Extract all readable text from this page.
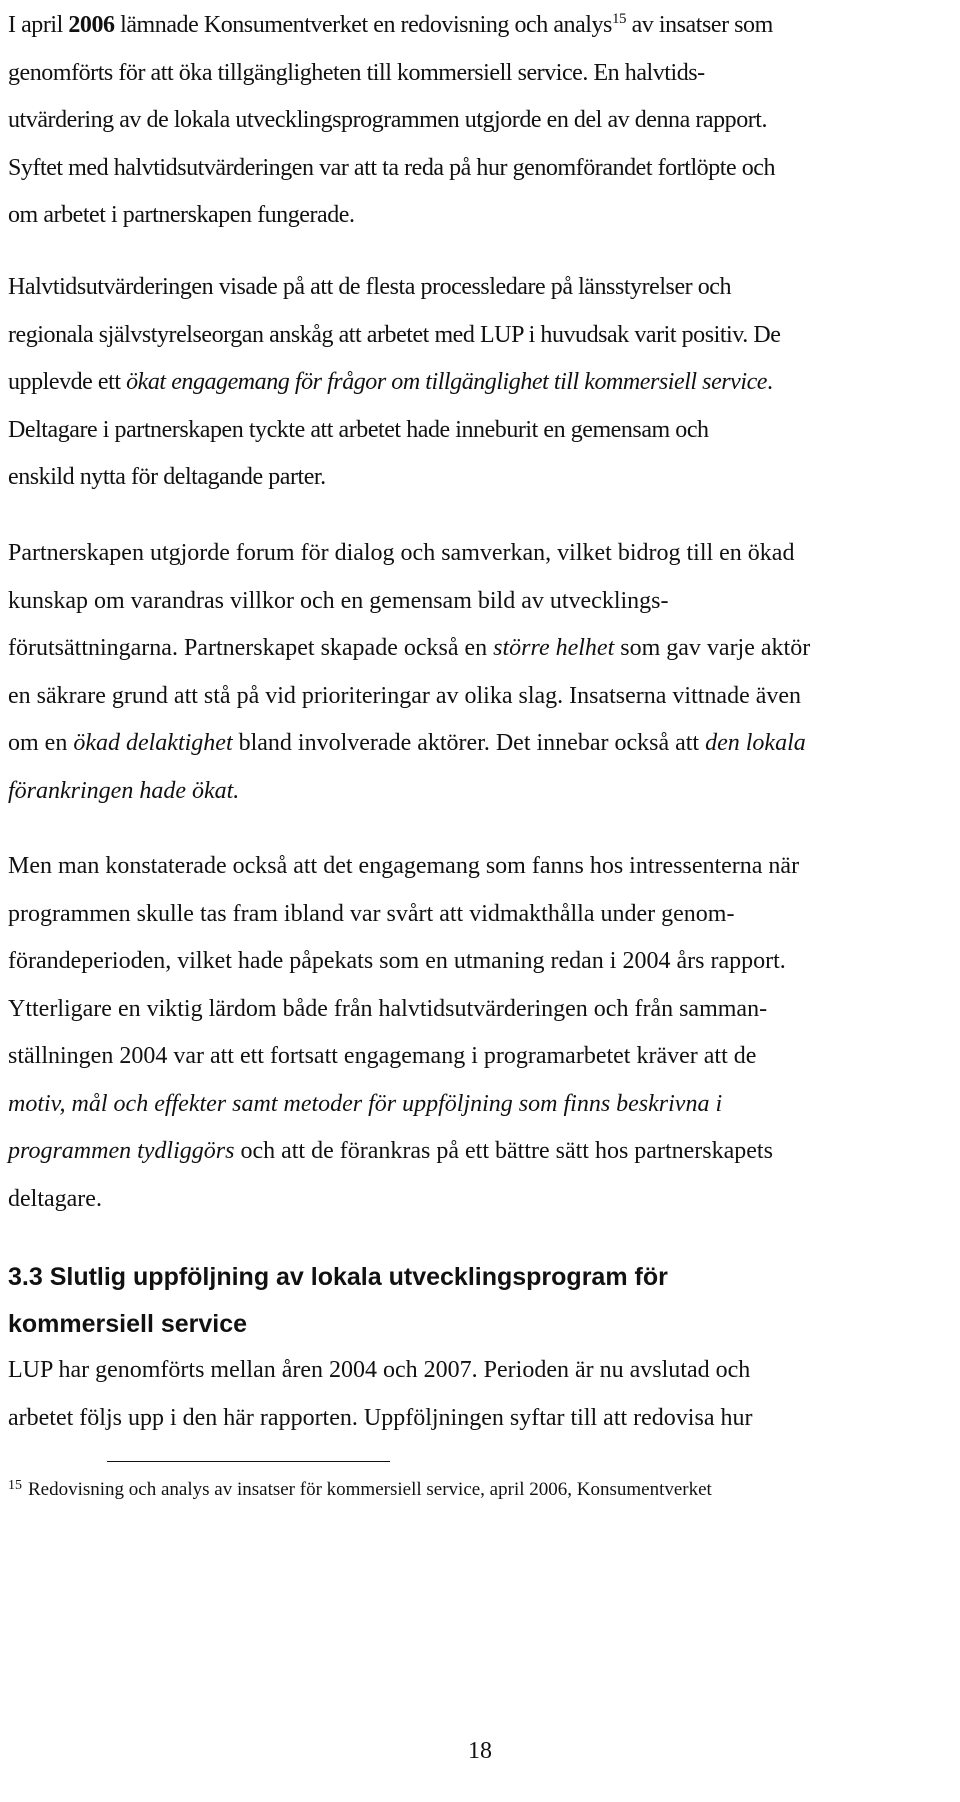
I april 2006 lämnade Konsumentverket en redovisning och analys$^{15}$ av insatser som
genomförts för att öka tillgängligheten till kommersiell service. En halvtids-
utvärdering av de lokala utvecklingsprogrammen utgjorde en del av denna rapport.
Syftet med halvtidsutvärderingen var att ta reda på hur genomförandet fortlöpte och
om arbetet i partnerskapen fungerade.
Halvtidsutvärderingen visade på att de flesta processledare på länsstyrelser och
regionala självstyrelseorgan anskåg att arbetet med LUP i huvudsak varit positiv. De
upplevde ett ökat engagemang för frågor om tillgänglighet till kommersiell service.
Deltagare i partnerskapen tyckte att arbetet hade inneburit en gemensam och
enskild nytta för deltagande parter.
Partnerskapen utgjorde forum för dialog och samverkan, vilket bidrog till en ökad
kunskap om varandras villkor och en gemensam bild av utvecklings-
förutsättningarna. Partnerskapet skapade också en större helhet som gav varje aktör
en säkrare grund att stå på vid prioriteringar av olika slag. Insatserna vittnade även
om en ökad delaktighet bland involverade aktörer. Det innebar också att den lokala
förankringen hade ökat.
Men man konstaterade också att det engagemang som fanns hos intressenterna när
programmen skulle tas fram ibland var svårt att vidmakthålla under genom-
förandeperioden, vilket hade påpekats som en utmaning redan i 2004 års rapport.
Ytterligare en viktig lärdom både från halvtidsutvärderingen och från samman-
ställningen 2004 var att ett fortsatt engagemang i programarbetet kräver att de
motiv, mål och effekter samt metoder för uppföljning som finns beskrivna i
programmen tydliggörs och att de förankras på ett bättre sätt hos partnerskapets
deltagare.
3.3 Slutlig uppföljning av lokala utvecklingsprogram för
kommersiell service
LUP har genomförts mellan åren 2004 och 2007. Perioden är nu avslutad och
arbetet följs upp i den här rapporten. Uppföljningen syftar till att redovisa hur
$^{15}$ Redovisning och analys av insatser för kommersiell service, april 2006, Konsumentverket
18
